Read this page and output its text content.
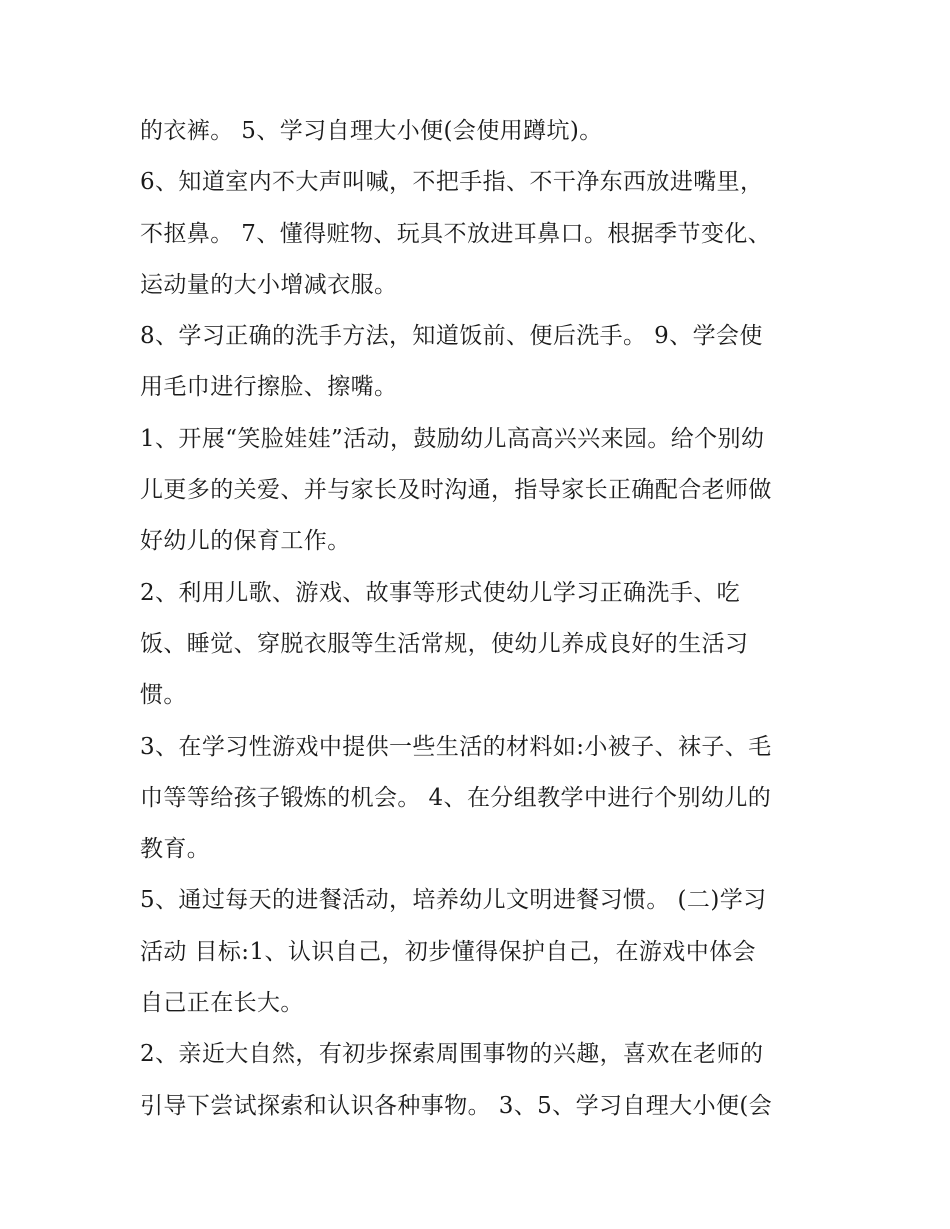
的衣裤。 5、学习自理大小便(会使用蹲坑)。
6、知道室内不大声叫喊，不把手指、不干净东西放进嘴里，
不抠鼻。 7、懂得赃物、玩具不放进耳鼻口。根据季节变化、
运动量的大小增减衣服。
8、学习正确的洗手方法，知道饭前、便后洗手。 9、学会使
用毛巾进行擦脸、擦嘴。
1、开展“笑脸娃娃”活动，鼓励幼儿高高兴兴来园。给个别幼
儿更多的关爱、并与家长及时沟通，指导家长正确配合老师做
好幼儿的保育工作。
2、利用儿歌、游戏、故事等形式使幼儿学习正确洗手、吃
饭、睡觉、穿脱衣服等生活常规，使幼儿养成良好的生活习
惯。
3、在学习性游戏中提供一些生活的材料如:小被子、袜子、毛
巾等等给孩子锻炼的机会。 4、在分组教学中进行个别幼儿的
教育。
5、通过每天的进餐活动，培养幼儿文明进餐习惯。 (二)学习
活动 目标:1、认识自己，初步懂得保护自己，在游戏中体会
自己正在长大。
2、亲近大自然，有初步探索周围事物的兴趣，喜欢在老师的
引导下尝试探索和认识各种事物。 3、5、学习自理大小便(会
